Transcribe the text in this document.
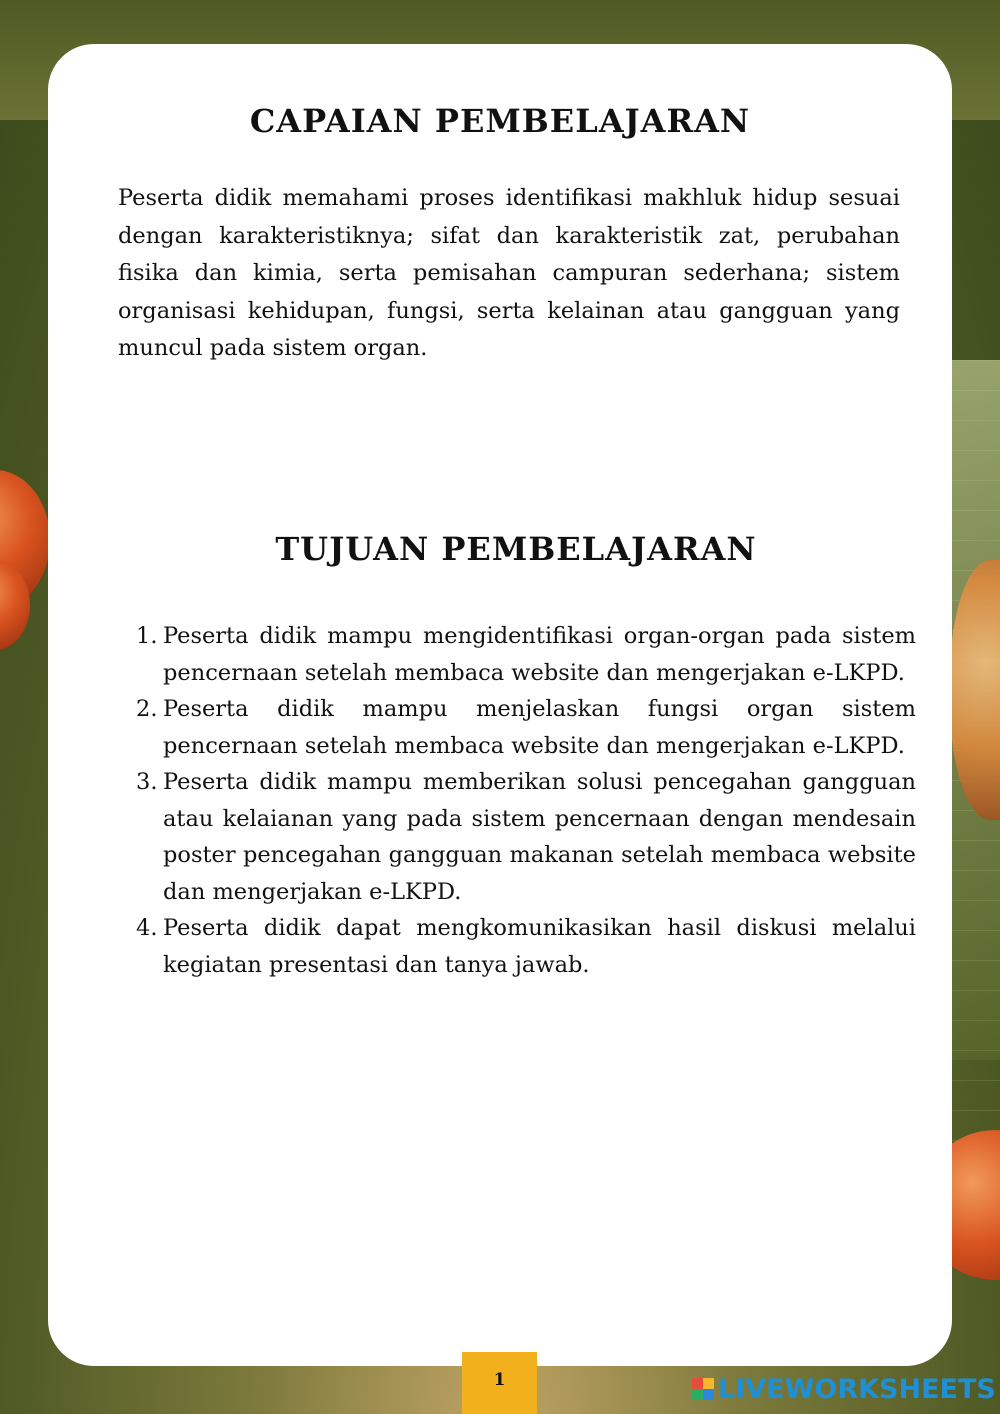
CAPAIAN PEMBELAJARAN

Peserta didik memahami proses identifikasi makhluk hidup sesuai dengan karakteristiknya; sifat dan karakteristik zat, perubahan fisika dan kimia, serta pemisahan campuran sederhana; sistem organisasi kehidupan, fungsi, serta kelainan atau gangguan yang muncul pada sistem organ.

TUJUAN PEMBELAJARAN
1. Peserta didik mampu mengidentifikasi organ-organ pada sistem pencernaan setelah membaca website dan mengerjakan e-LKPD.
2. Peserta didik mampu menjelaskan fungsi organ sistem pencernaan setelah membaca website dan mengerjakan e-LKPD.
3. Peserta didik mampu memberikan solusi pencegahan gangguan atau kelaianan yang pada sistem pencernaan dengan mendesain poster pencegahan gangguan makanan setelah membaca website dan mengerjakan e-LKPD.
4. Peserta didik dapat mengkomunikasikan hasil diskusi melalui kegiatan presentasi dan tanya jawab.
1	LIVEWORKSHEETS
